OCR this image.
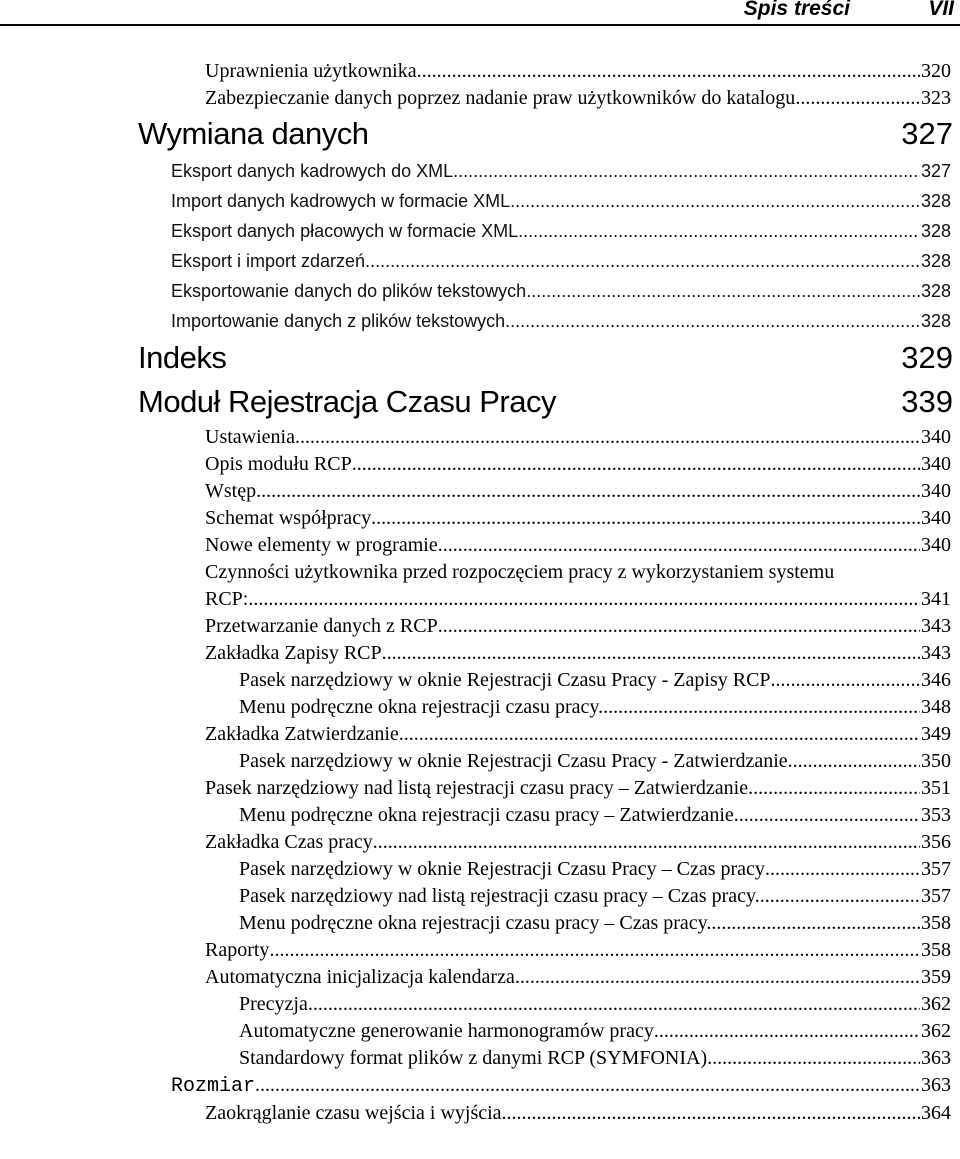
Spis treści	VII
Uprawnienia użytkownika .....	320
Zabezpieczanie danych poprzez nadanie praw użytkowników do katalogu .....	323
Wymiana danych	327
Eksport danych kadrowych do XML .....	327
Import danych kadrowych w formacie XML .....	328
Eksport danych płacowych w formacie XML .....	328
Eksport i import zdarzeń .....	328
Eksportowanie danych do plików tekstowych .....	328
Importowanie danych z plików tekstowych .....	328
Indeks	329
Moduł Rejestracja Czasu Pracy	339
Ustawienia .....	340
Opis modułu RCP .....	340
Wstęp .....	340
Schemat współpracy .....	340
Nowe elementy w programie. .....	340
Czynności użytkownika przed rozpoczęciem pracy z wykorzystaniem systemu
RCP: .....	341
Przetwarzanie danych z RCP .....	343
Zakładka Zapisy RCP .....	343
Pasek narzędziowy w oknie Rejestracji Czasu Pracy - Zapisy RCP .....	346
Menu podręczne okna rejestracji czasu pracy. .....	348
Zakładka Zatwierdzanie .....	349
Pasek narzędziowy w oknie Rejestracji Czasu Pracy - Zatwierdzanie .....	350
Pasek narzędziowy nad listą rejestracji czasu pracy – Zatwierdzanie .....	351
Menu podręczne okna rejestracji czasu pracy – Zatwierdzanie .....	353
Zakładka Czas pracy .....	356
Pasek narzędziowy w oknie Rejestracji Czasu Pracy – Czas pracy .....	357
Pasek narzędziowy nad listą rejestracji czasu pracy – Czas pracy. .....	357
Menu podręczne okna rejestracji czasu pracy – Czas pracy. .....	358
Raporty .....	358
Automatyczna inicjalizacja kalendarza .....	359
Precyzja .....	362
Automatyczne generowanie harmonogramów pracy .....	362
Standardowy format plików z danymi RCP (SYMFONIA). .....	363
Rozmiar .....	363
Zaokrąglanie czasu wejścia i wyjścia. .....	364
